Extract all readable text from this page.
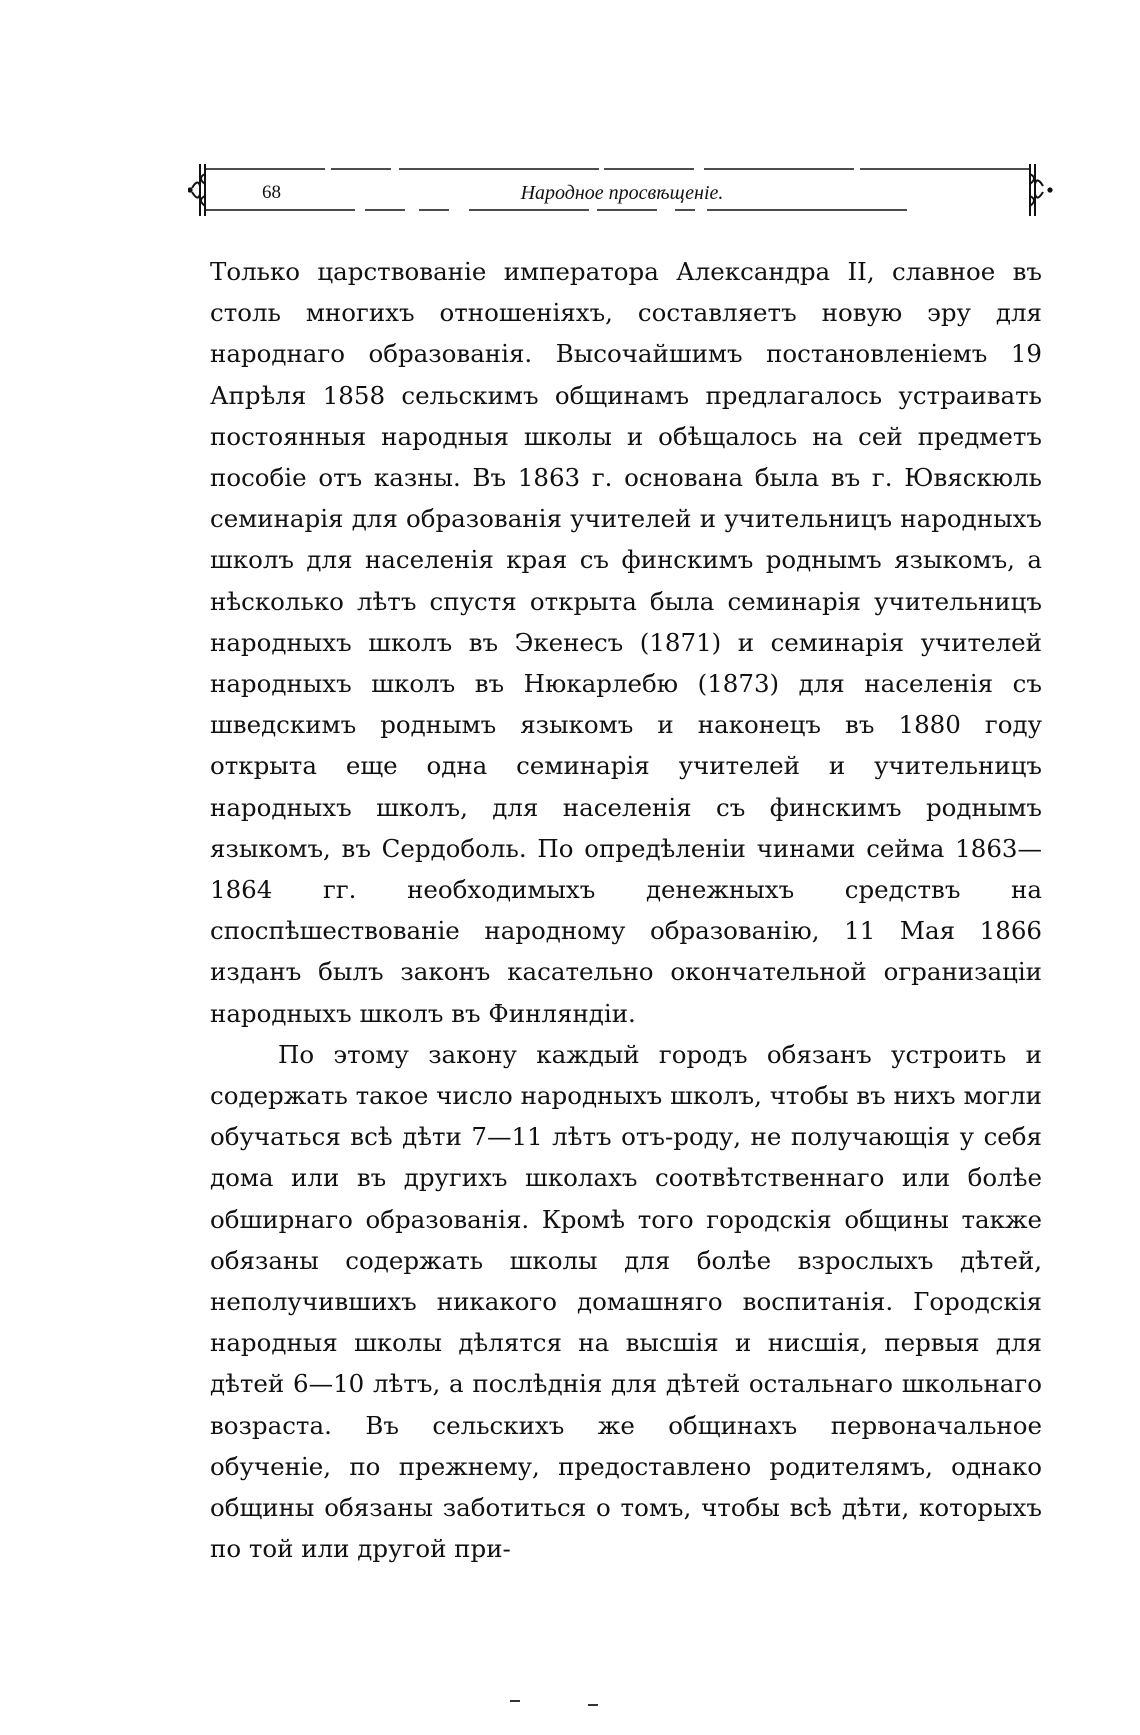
68	Народное просвѣщеніе.

Только царствованіе императора Александра II, славное въ столь многихъ отношеніяхъ, составляетъ новую эру для народнаго образованія. Высочайшимъ постановленіемъ 19 Апрѣля 1858 сельскимъ общинамъ предлагалось устраивать постоянныя народныя школы и обѣщалось на сей предметъ пособіе отъ казны. Въ 1863 г. основана была въ г. Ювяскюль семинарія для образованія учителей и учительницъ народныхъ школъ для населенія края съ финскимъ роднымъ языкомъ, а нѣсколько лѣтъ спустя открыта была семинарія учительницъ народныхъ школъ въ Экенесъ (1871) и семинарія учителей народныхъ школъ въ Нюкарлебю (1873) для населенія съ шведскимъ роднымъ языкомъ и наконецъ въ 1880 году открыта еще одна семинарія учителей и учительницъ народныхъ школъ, для населенія съ финскимъ роднымъ языкомъ, въ Сердоболь. По опредѣленіи чинами сейма 1863—1864 гг. необходимыхъ денежныхъ средствъ на споспѣшествованіе народному образованію, 11 Мая 1866 изданъ былъ законъ касательно окончательной огранизаціи народныхъ школъ въ Финляндіи.

По этому закону каждый городъ обязанъ устроить и содержать такое число народныхъ школъ, чтобы въ нихъ могли обучаться всѣ дѣти 7—11 лѣтъ отъ-роду, не получающія у себя дома или въ другихъ школахъ соотвѣтственнаго или болѣе обширнаго образованія. Кромѣ того городскія общины также обязаны содержать школы для болѣе взрослыхъ дѣтей, неполучившихъ никакого домашняго воспитанія. Городскія народныя школы дѣлятся на высшія и нисшія, первыя для дѣтей 6—10 лѣтъ, а послѣднія для дѣтей остальнаго школьнаго возраста. Въ сельскихъ же общинахъ первоначальное обученіе, по прежнему, предоставлено родителямъ, однако общины обязаны заботиться о томъ, чтобы всѣ дѣти, которыхъ по той или другой при-
